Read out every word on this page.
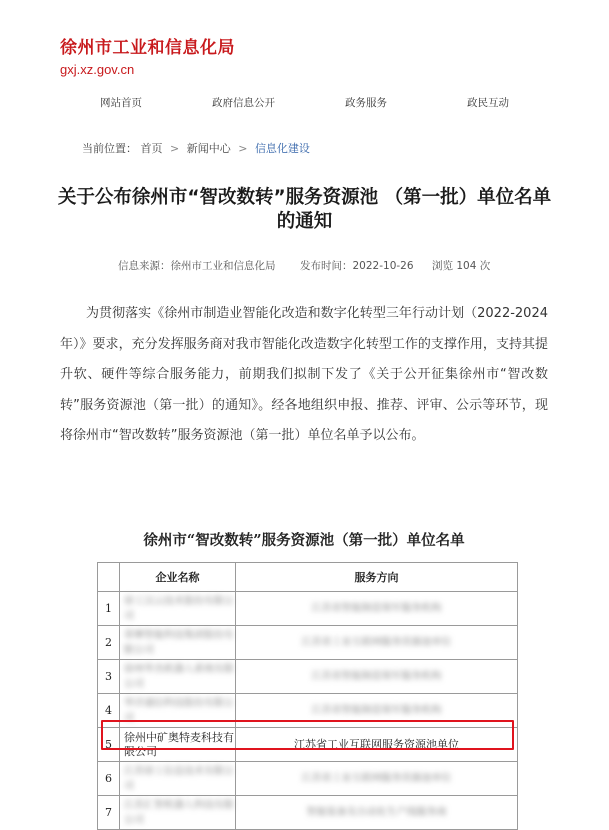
徐州市工业和信息化局
gxj.xz.gov.cn
网站首页	政府信息公开	政务服务	政民互动
当前位置： 首页 > 新闻中心 > 信息化建设
关于公布徐州市“智改数转”服务资源池 （第一批）单位名单的通知
信息来源：徐州市工业和信息化局 发布时间：2022-10-26 浏览 104 次
为贯彻落实《徐州市制造业智能化改造和数字化转型三年行动计划（2022-2024年）》要求，充分发挥服务商对我市智能化改造数字化转型工作的支撑作用，支持其提升软、硬件等综合服务能力，前期我们拟制下发了《关于公开征集徐州市“智改数转”服务资源池（第一批）的通知》。经各地组织申报、推荐、评审、公示等环节，现将徐州市“智改数转”服务资源池（第一批）单位名单予以公布。
徐州市“智改数转”服务资源池（第一批）单位名单
	企业名称	服务方向
1	徐工汉云技术股份有限公司	江苏省智能制造领军服务机构
2	蒂摩智能科技集团股份有限公司	江苏省工业互联网服务资源池单位
3	徐州华杰机器人系统有限公司	江苏省智能制造领军服务机构
4	华洋通信科技股份有限公司	江苏省智能制造领军服务机构
5	徐州中矿奥特麦科技有限公司	江苏省工业互联网服务资源池单位
6	江苏徐工信息技术有限公司	江苏省工业互联网服务资源池单位
7	江苏汇智机器人科技有限公司	智能装备及自动化生产线服务商
